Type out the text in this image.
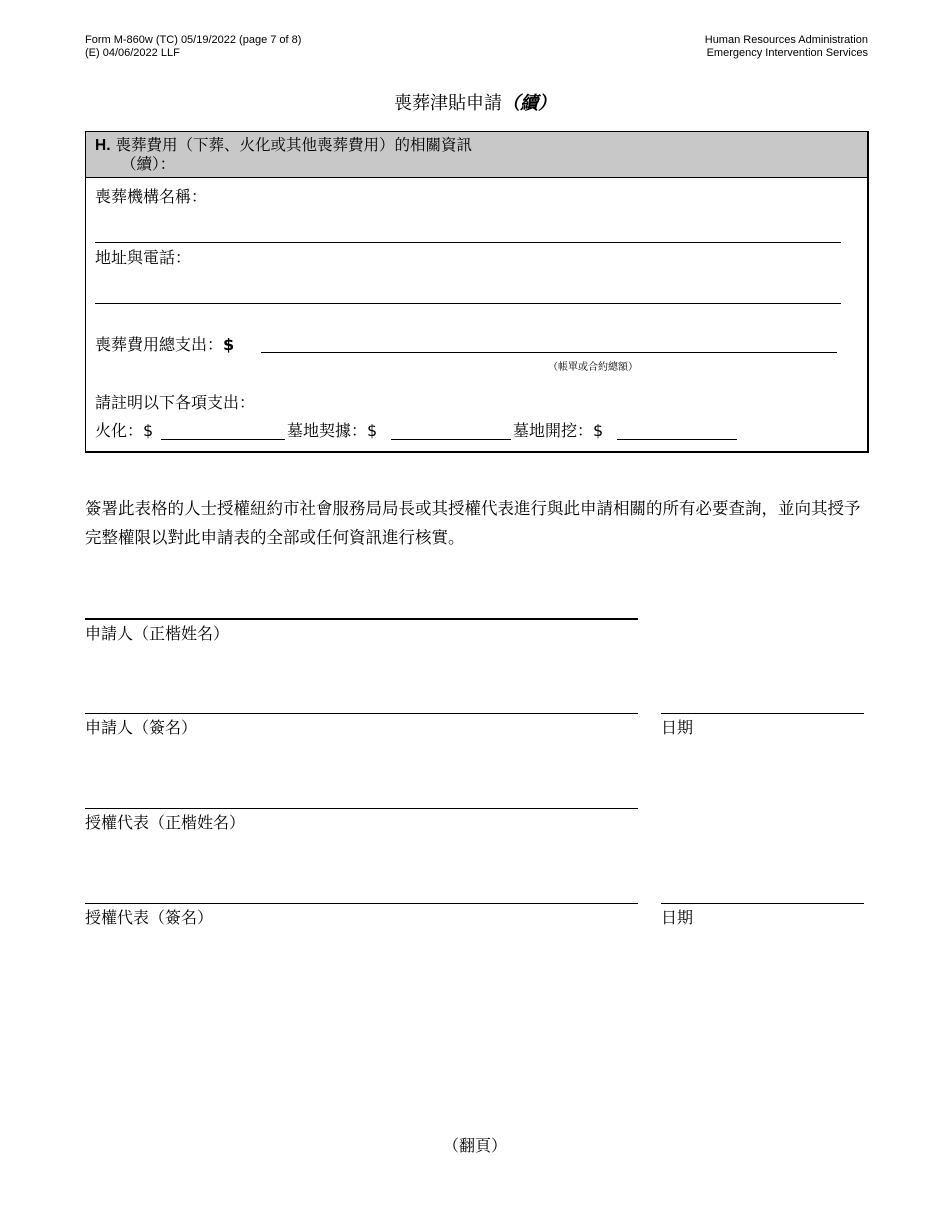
Form M-860w (TC) 05/19/2022 (page 7 of 8)
(E) 04/06/2022 LLF
Human Resources Administration
Emergency Intervention Services
喪葬津貼申請（續）
H. 喪葬費用（下葬、火化或其他喪葬費用）的相關資訊
（續）：
喪葬機構名稱：
地址與電話：
喪葬費用總支出：$
（帳單或合約總額）
請註明以下各項支出：
火化：$	墓地契據：$	墓地開挖：$
簽署此表格的人士授權紐約市社會服務局局長或其授權代表進行與此申請相關的所有必要查詢，並向其授予完整權限以對此申請表的全部或任何資訊進行核實。
申請人（正楷姓名）
申請人（簽名）	日期
授權代表（正楷姓名）
授權代表（簽名）	日期
（翻頁）
